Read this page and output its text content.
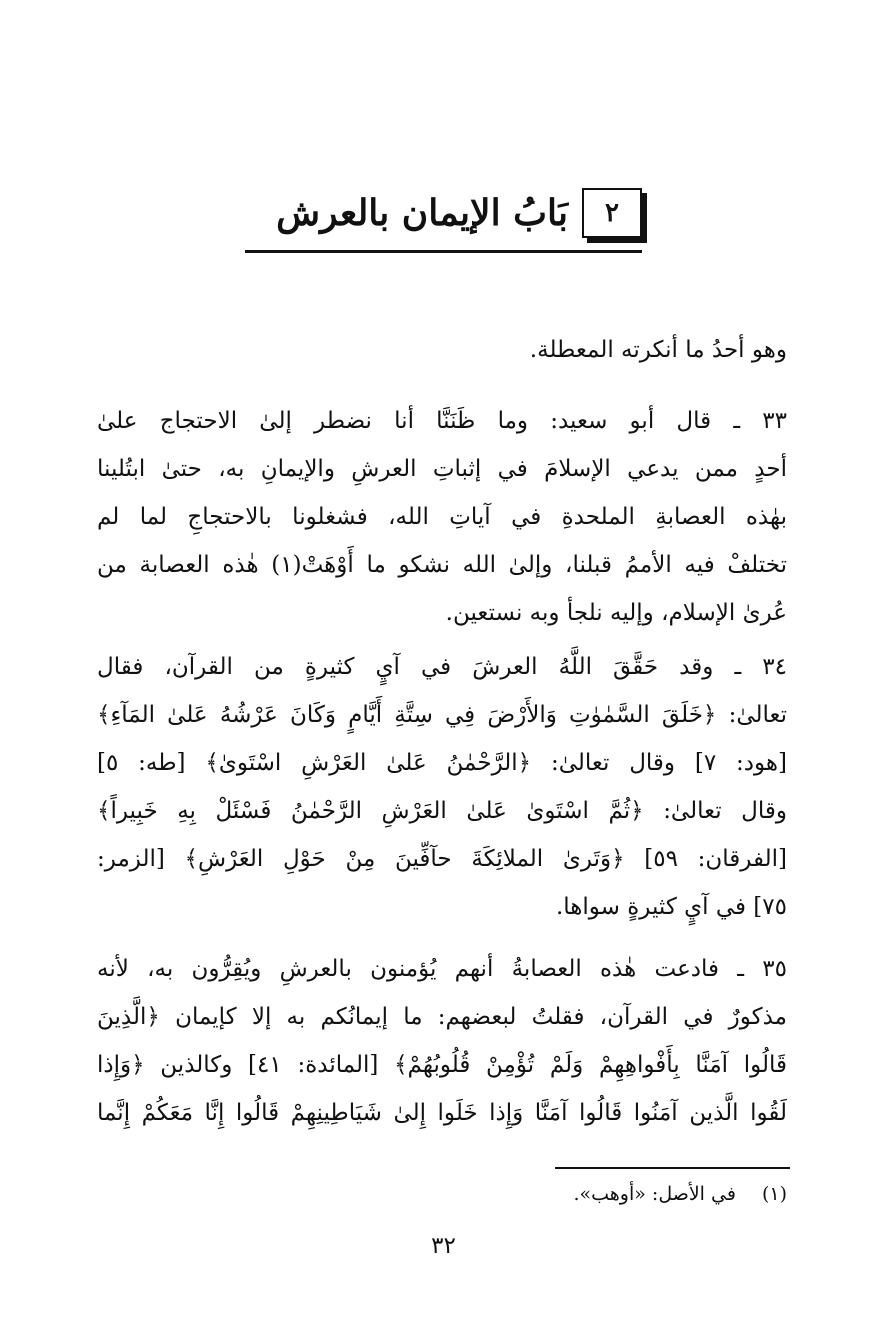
٢
بَابُ الإيمان بالعرش
وهو أحدُ ما أنكرته المعطلة.
٣٣ ـ قال أبو سعيد: وما ظَنَنَّا أنا نضطر إلىٰ الاحتجاج علىٰ
أحدٍ ممن يدعي الإسلامَ في إثباتِ العرشِ والإيمانِ به، حتىٰ ابتُلينا
بهٰذه العصابةِ الملحدةِ في آياتِ الله، فشغلونا بالاحتجاجِ لما لم
تختلفْ فيه الأممُ قبلنا، وإلىٰ الله نشكو ما أَوْهَتْ(١) هٰذه العصابة من
عُرىٰ الإسلام، وإليه نلجأ وبه نستعين.
٣٤ ـ وقد حَقَّقَ اللَّهُ العرشَ في آيٍ كثيرةٍ من القرآن، فقال
تعالىٰ: ﴿خَلَقَ السَّمٰوٰتِ وَالأَرْضَ فِي سِتَّةِ أَيَّامٍ وَكَانَ عَرْشُهُ عَلىٰ المَآءِ﴾
[هود: ٧] وقال تعالىٰ: ﴿الرَّحْمٰنُ عَلىٰ العَرْشِ اسْتَوىٰ﴾ [طه: ٥]
وقال تعالىٰ: ﴿ثُمَّ اسْتَوىٰ عَلىٰ العَرْشِ الرَّحْمٰنُ فَسْئَلْ بِهِ خَبِيراً﴾
[الفرقان: ٥٩] ﴿وَتَرىٰ الملائِكَةَ حآفِّينَ مِنْ حَوْلِ العَرْشِ﴾ [الزمر:
٧٥] في آيٍ كثيرةٍ سواها.
٣٥ ـ فادعت هٰذه العصابةُ أنهم يُؤمنون بالعرشِ ويُقِرُّون به، لأنه
مذكورٌ في القرآن، فقلتُ لبعضهم: ما إيمانُكم به إلا كإيمان ﴿الَّذِينَ
قَالُوا آمَنَّا بِأَفْواهِهِمْ وَلَمْ تُؤْمِنْ قُلُوبُهُمْ﴾ [المائدة: ٤١] وكالذين ﴿وَإِذا
لَقُوا الَّذين آمَنُوا قَالُوا آمَنَّا وَإِذا خَلَوا إِلىٰ شَيَاطِينِهِمْ قَالُوا إِنَّا مَعَكُمْ إِنَّما
(١)في الأصل: «أوهب».
٣٢
